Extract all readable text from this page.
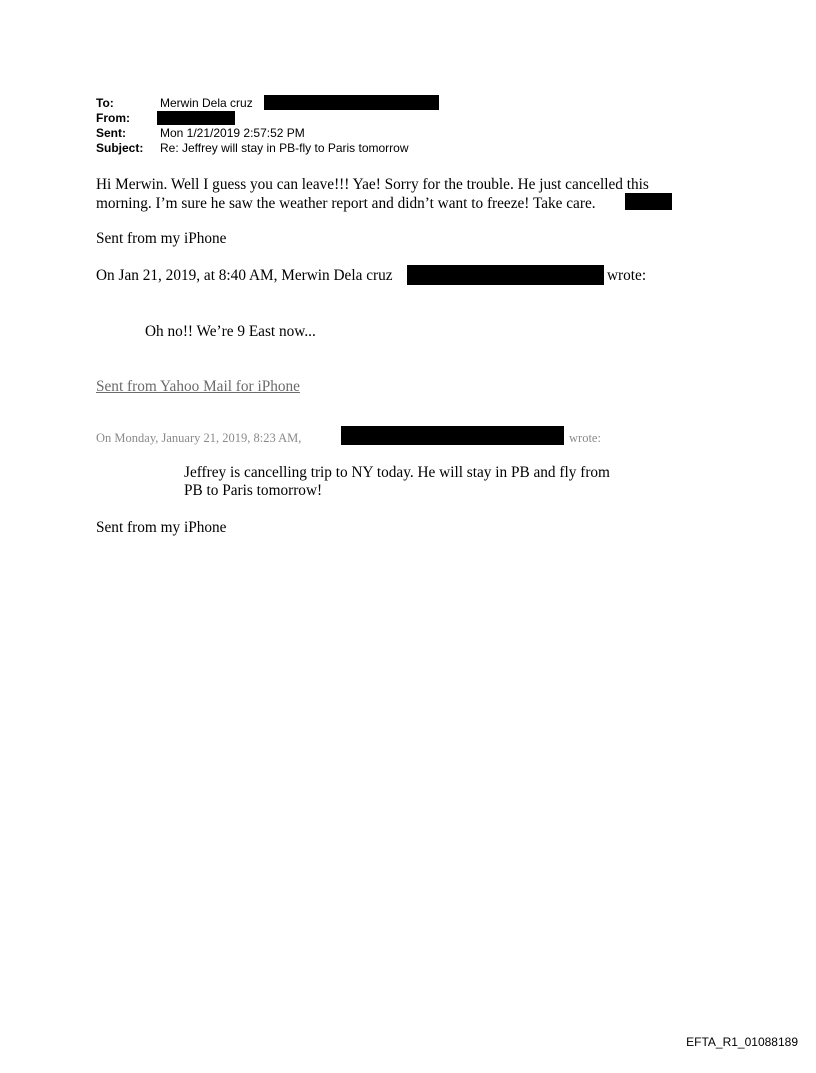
To:	Merwin Dela cruz
From:
Sent:	Mon 1/21/2019 2:57:52 PM
Subject: Re: Jeffrey will stay in PB-fly to Paris tomorrow
Hi Merwin. Well I guess you can leave!!! Yae! Sorry for the trouble. He just cancelled this
morning. I’m sure he saw the weather report and didn’t want to freeze! Take care.
Sent from my iPhone
On Jan 21, 2019, at 8:40 AM, Merwin Dela cruz	wrote:
Oh no!! We’re 9 East now...
Sent from Yahoo Mail for iPhone
On Monday, January 21, 2019, 8:23 AM,	wrote:
Jeffrey is cancelling trip to NY today. He will stay in PB and fly from
PB to Paris tomorrow!
Sent from my iPhone
EFTA_R1_01088189
